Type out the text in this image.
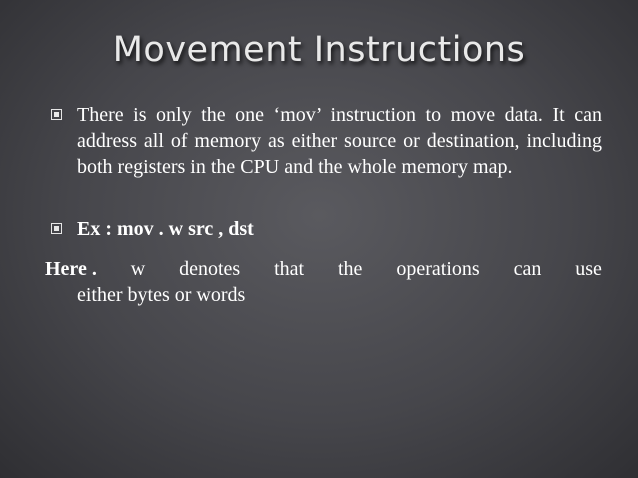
Movement Instructions
There is only the one ‘mov’ instruction to move data. It can address all of memory as either source or destination, including both registers in the CPU and the whole memory map.
Ex : mov . w src , dst
Here . w denotes that the operations can use
either bytes or words
